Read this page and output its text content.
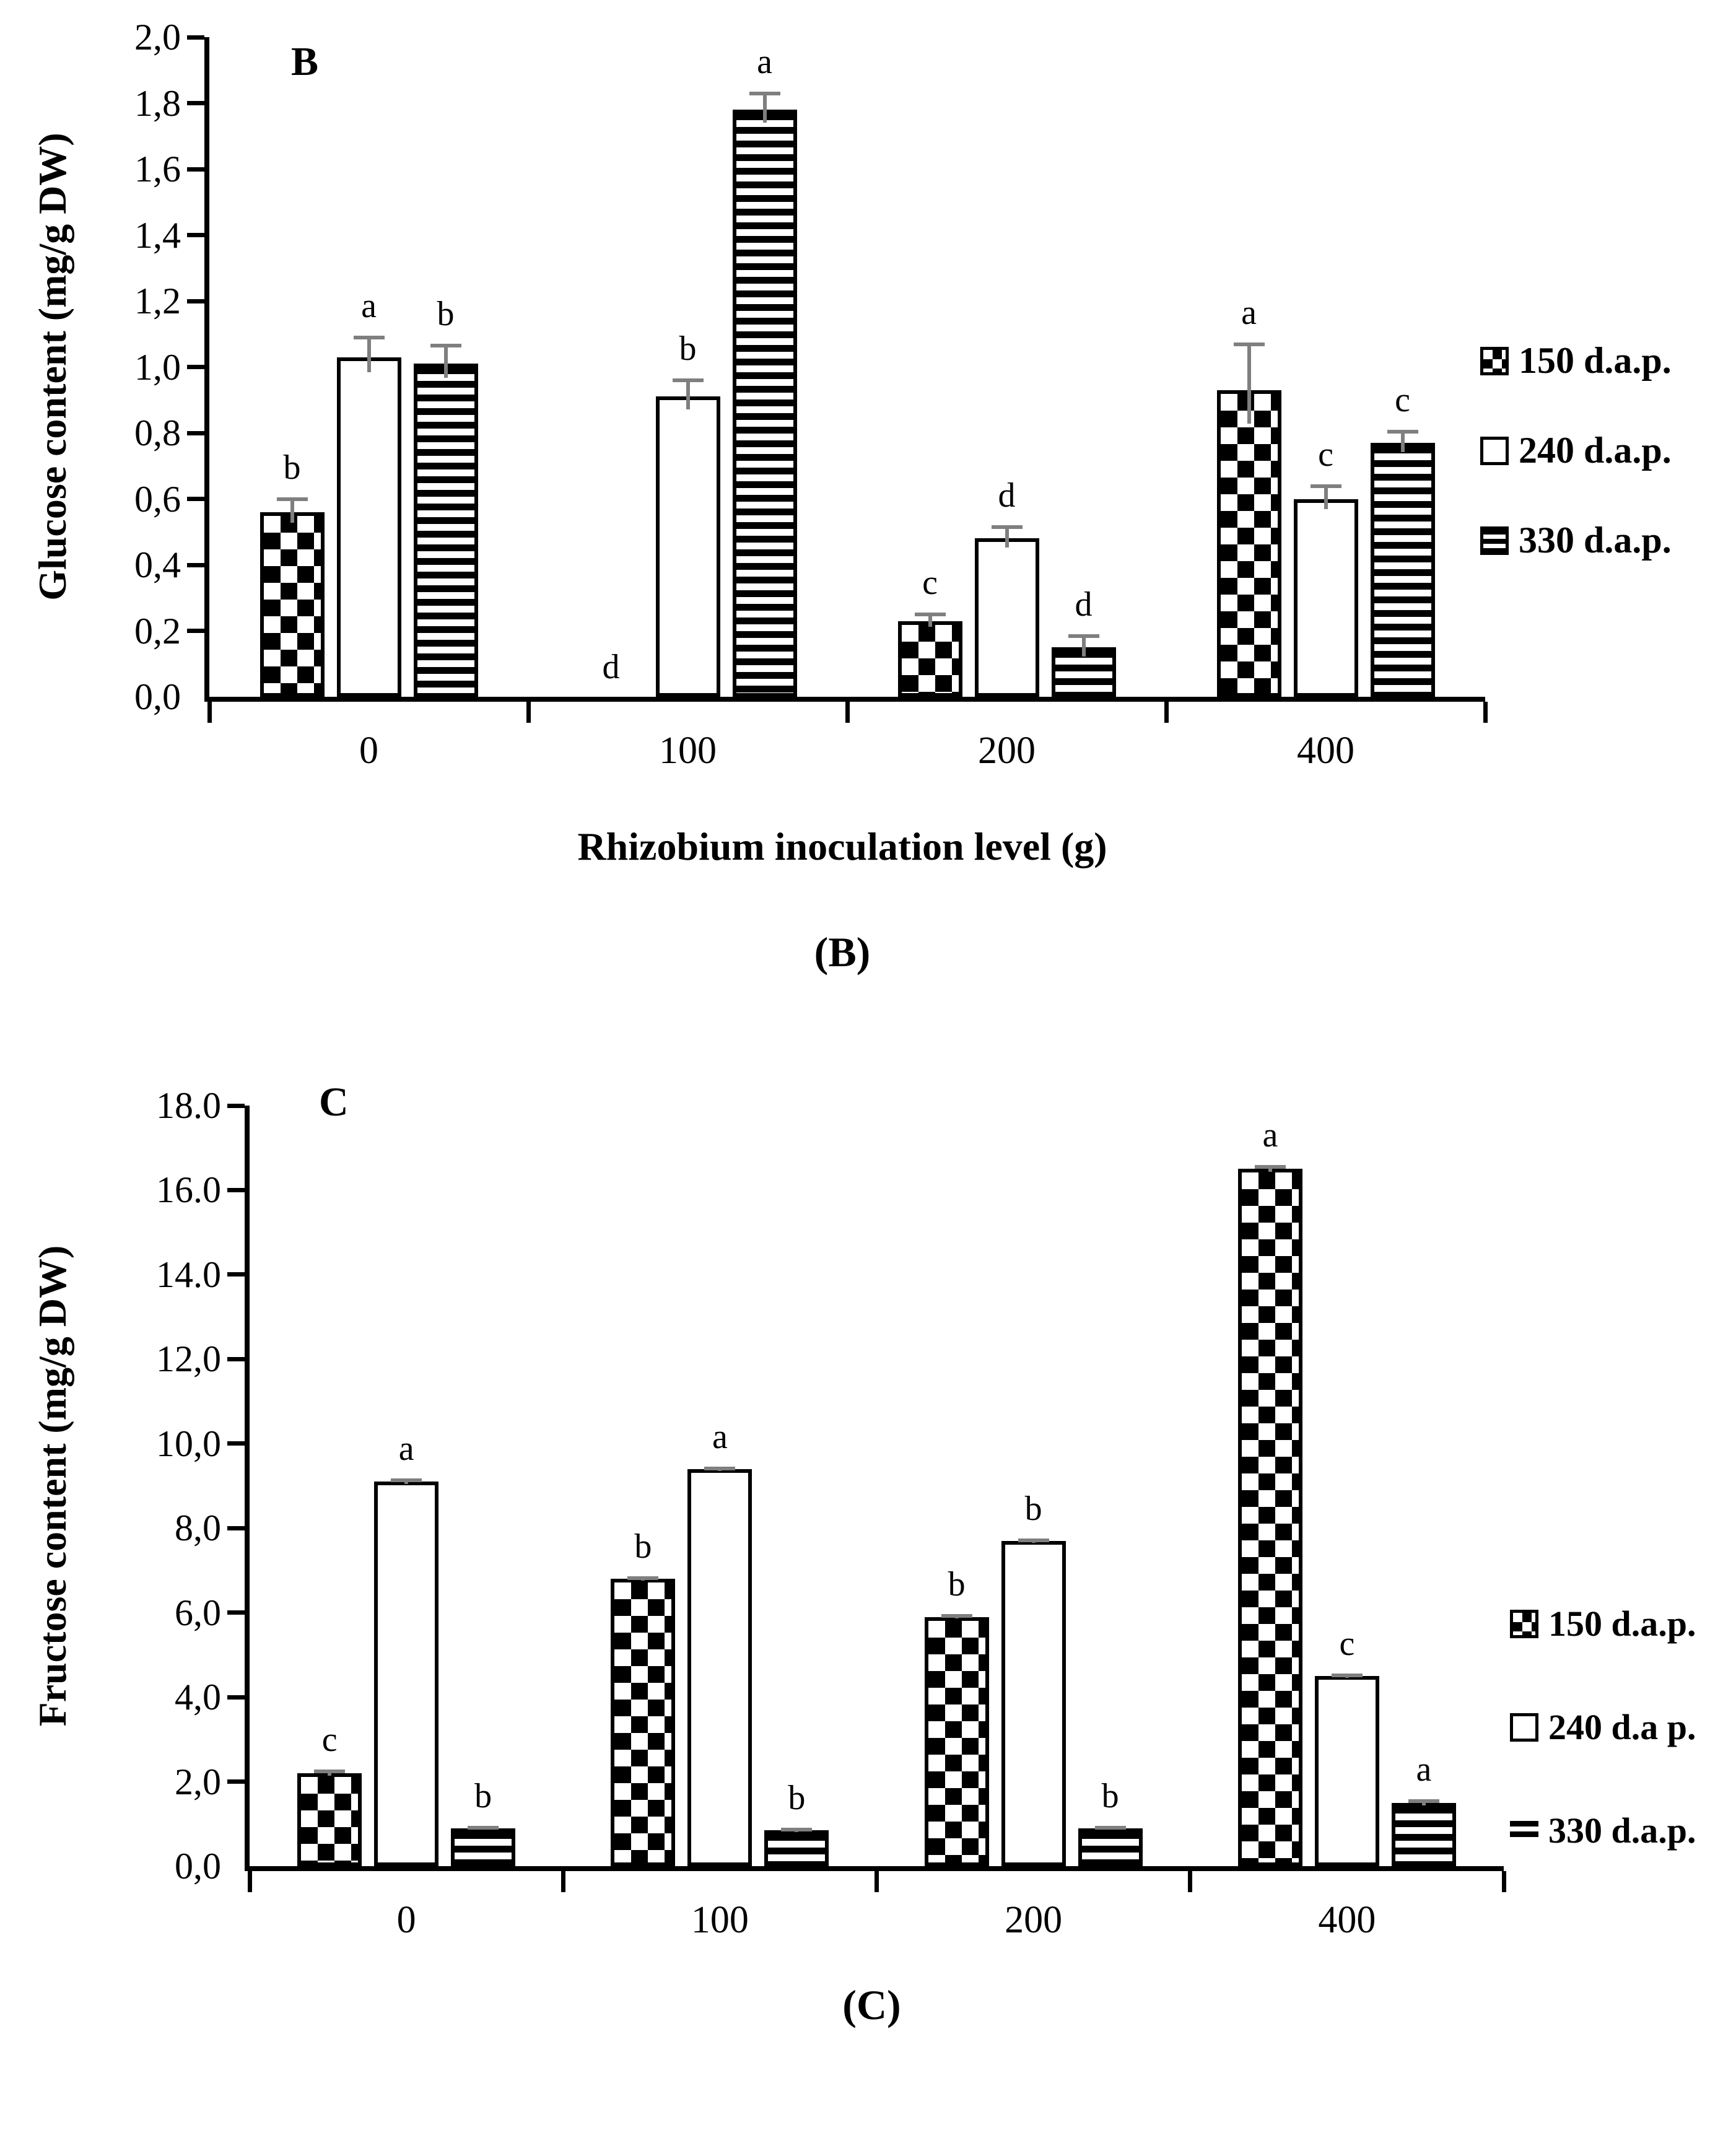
B
Glucose content (mg/g DW)
2,0
1,8
1,6
1,4
1,2
1,0
0,8
0,6
0,4
0,2
0,0
0	100	200	400
b
d
c
a
a
b
d
c
b
a
d
c
Rhizobium inoculation level (g)
150 d.a.p.
240 d.a.p.
330 d.a.p.
(B)
C
Fructose content (mg/g DW)
18.0
16.0
14.0
12,0
10,0
8,0
6,0
4,0
2,0
0,0
0	100	200	400
c
b
b
a
a	a
b
c
b	b	b
a
150 d.a.p.
240 d.a p.
330 d.a.p.
(C)
